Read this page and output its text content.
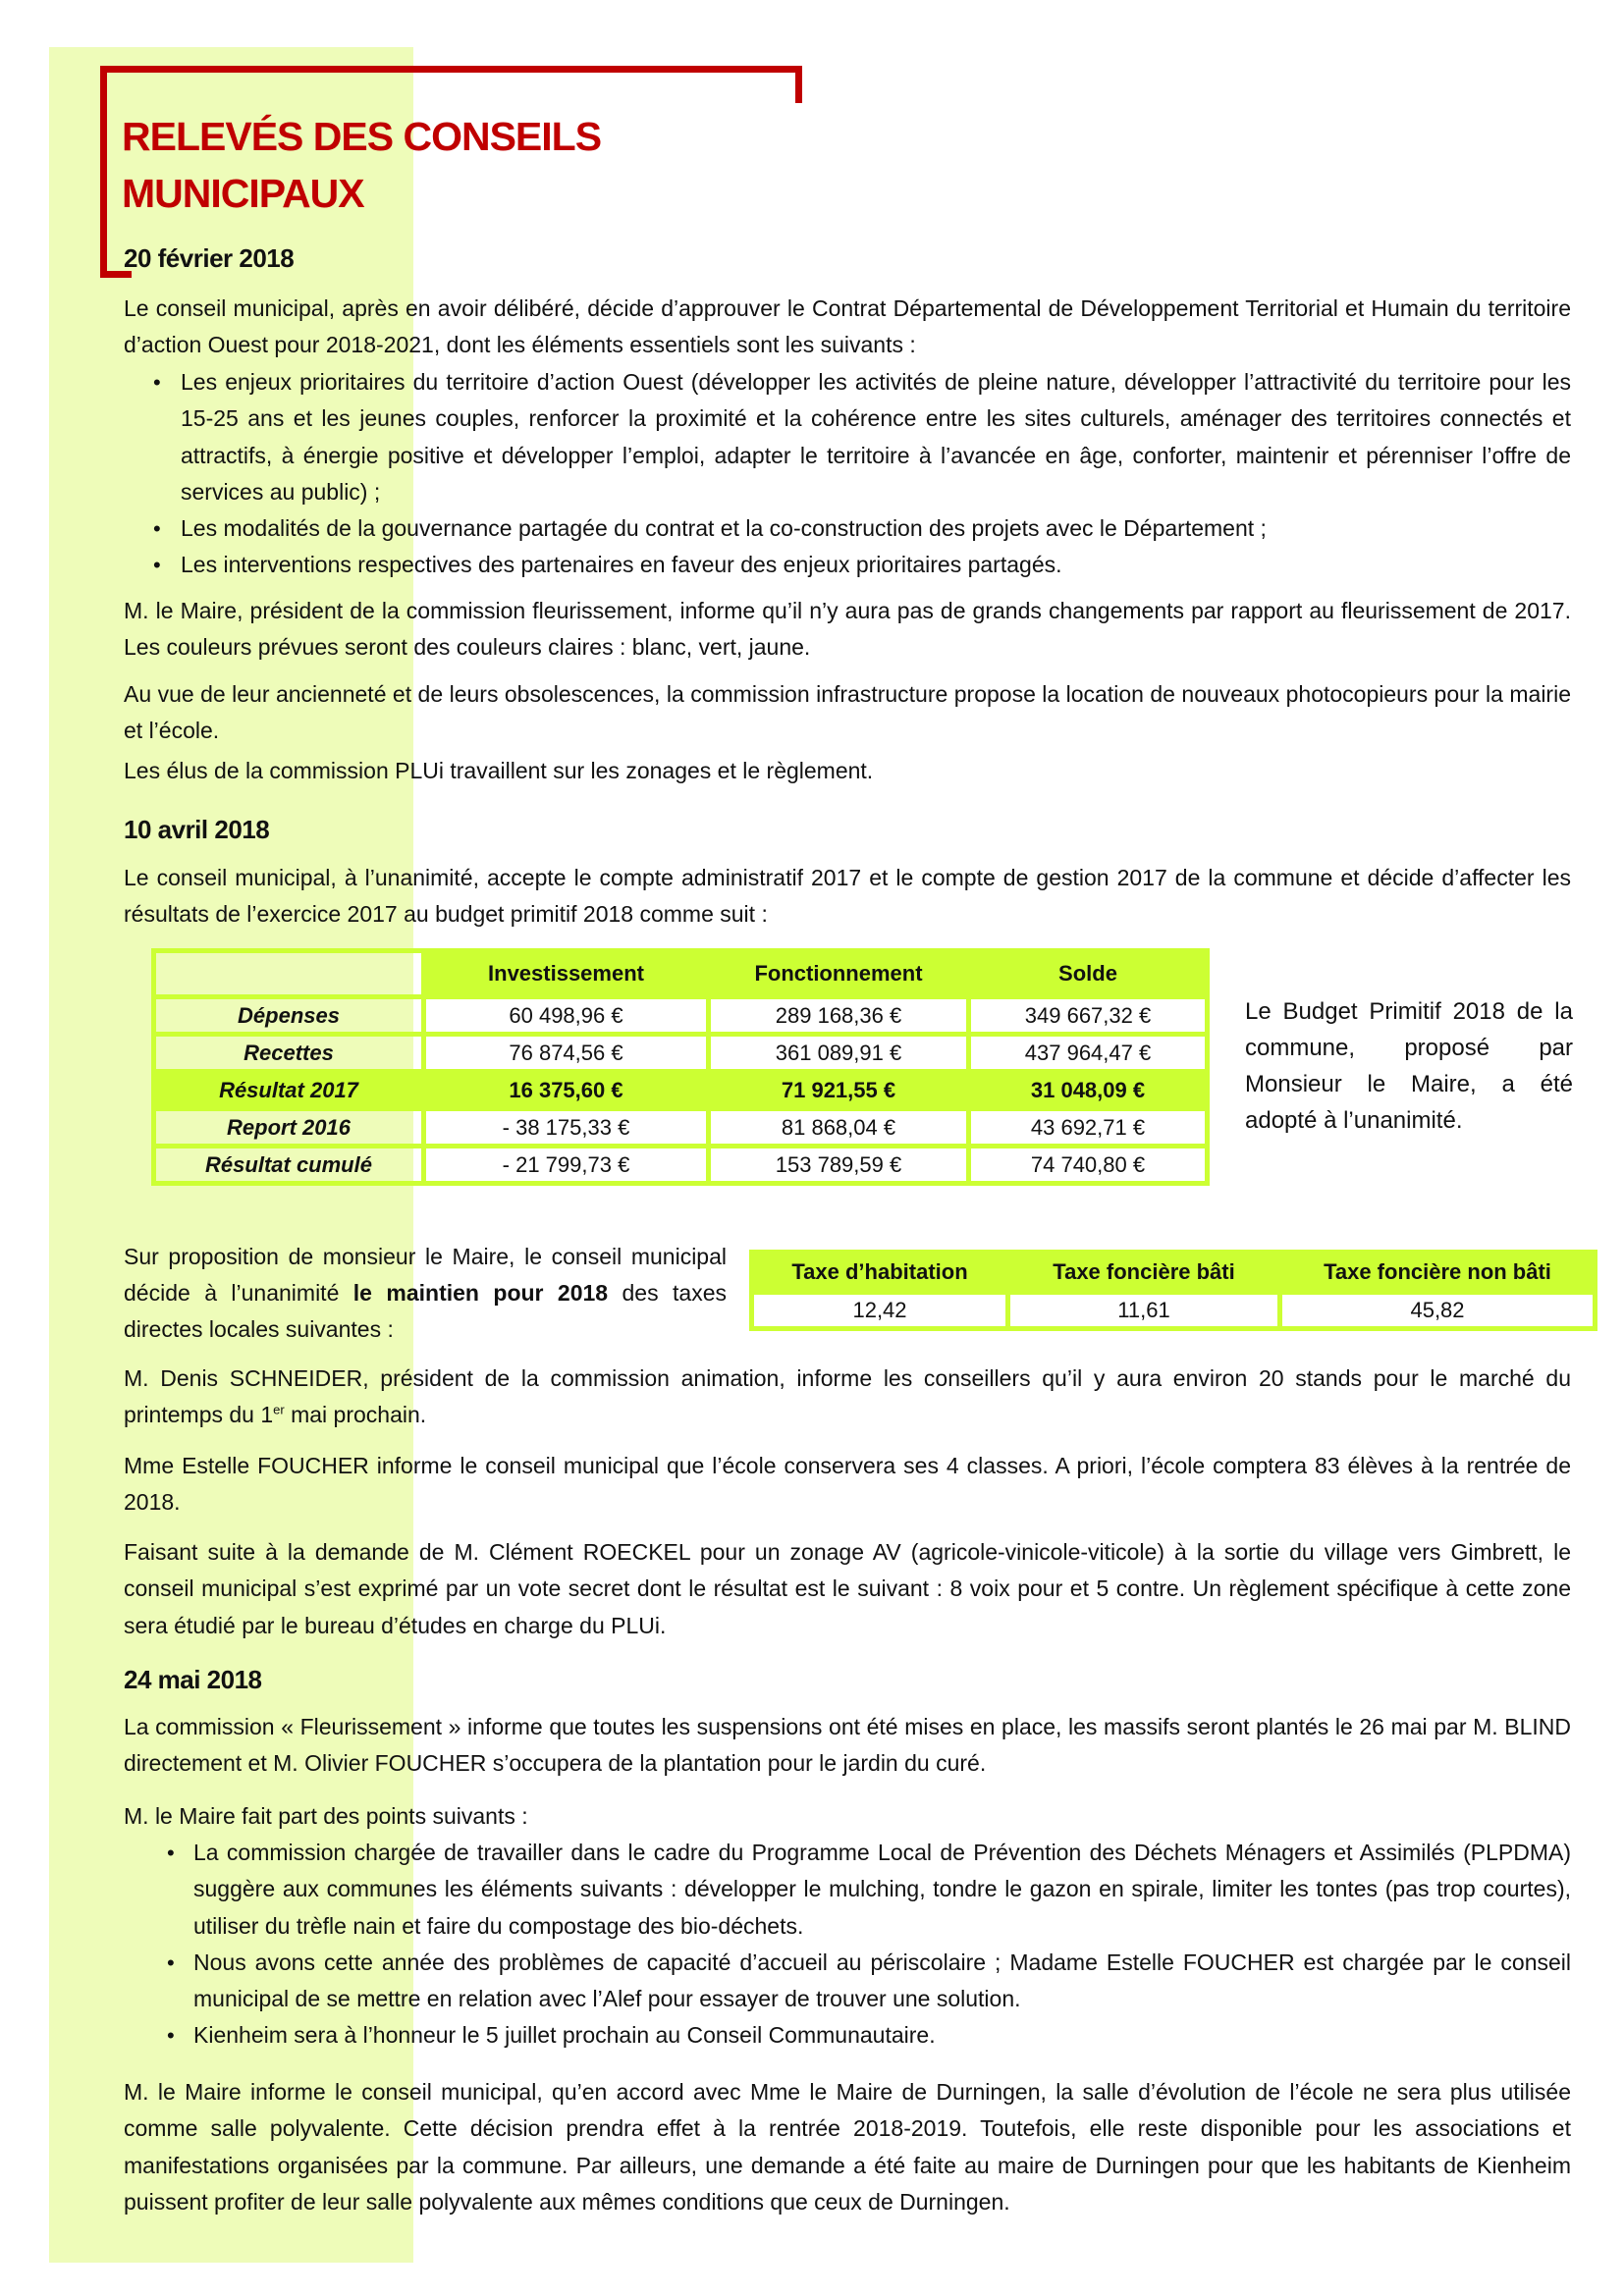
RELEVÉS DES CONSEILS
MUNICIPAUX
20 février 2018
Le conseil municipal, après en avoir délibéré, décide d’approuver le Contrat Départemental de Développement Territorial et Humain du territoire d’action Ouest pour 2018-2021, dont les éléments essentiels sont les suivants :
• Les enjeux prioritaires du territoire d’action Ouest (développer les activités de pleine nature, développer l’attractivité du territoire pour les 15-25 ans et les jeunes couples, renforcer la proximité et la cohérence entre les sites culturels, aménager des territoires connectés et attractifs, à énergie positive et développer l’emploi, adapter le territoire à l’avancée en âge, conforter, maintenir et pérenniser l’offre de services au public) ;
• Les modalités de la gouvernance partagée du contrat et la co-construction des projets avec le Département ;
• Les interventions respectives des partenaires en faveur des enjeux prioritaires partagés.
M. le Maire, président de la commission fleurissement, informe qu’il n’y aura pas de grands changements par rapport au fleurissement de 2017. Les couleurs prévues seront des couleurs claires : blanc, vert, jaune.
Au vue de leur ancienneté et de leurs obsolescences, la commission infrastructure propose la location de nouveaux photocopieurs pour la mairie et l’école.
Les élus de la commission PLUi travaillent sur les zonages et le règlement.
10 avril 2018
Le conseil municipal, à l’unanimité, accepte le compte administratif 2017 et le compte de gestion 2017 de la commune et décide d’affecter les résultats de l’exercice 2017 au budget primitif 2018 comme suit :
	Investissement	Fonctionnement	Solde
Dépenses	60 498,96 €	289 168,36 €	349 667,32 €
Recettes	76 874,56 €	361 089,91 €	437 964,47 €
Résultat 2017	16 375,60 €	71 921,55 €	31 048,09 €
Report 2016	- 38 175,33 €	81 868,04 €	43 692,71 €
Résultat cumulé	- 21 799,73 €	153 789,59 €	74 740,80 €
Le Budget Primitif 2018 de la commune, proposé par Monsieur le Maire, a été adopté à l’unanimité.
Sur proposition de monsieur le Maire, le conseil municipal décide à l’unanimité le maintien pour 2018 des taxes directes locales suivantes :
Taxe d’habitation	Taxe foncière bâti	Taxe foncière non bâti
12,42	11,61	45,82
M. Denis SCHNEIDER, président de la commission animation, informe les conseillers qu’il y aura environ 20 stands pour le marché du printemps du 1er mai prochain.
Mme Estelle FOUCHER informe le conseil municipal que l’école conservera ses 4 classes. A priori, l’école comptera 83 élèves à la rentrée de 2018.
Faisant suite à la demande de M. Clément ROECKEL pour un zonage AV (agricole-vinicole-viticole) à la sortie du village vers Gimbrett, le conseil municipal s’est exprimé par un vote secret dont le résultat est le suivant : 8 voix pour et 5 contre. Un règlement spécifique à cette zone sera étudié par le bureau d’études en charge du PLUi.
24 mai 2018
La commission « Fleurissement » informe que toutes les suspensions ont été mises en place, les massifs seront plantés le 26 mai par M. BLIND directement et M. Olivier FOUCHER s’occupera de la plantation pour le jardin du curé.
M. le Maire fait part des points suivants :
• La commission chargée de travailler dans le cadre du Programme Local de Prévention des Déchets Ménagers et Assimilés (PLPDMA) suggère aux communes les éléments suivants : développer le mulching, tondre le gazon en spirale, limiter les tontes (pas trop courtes), utiliser du trèfle nain et faire du compostage des bio-déchets.
• Nous avons cette année des problèmes de capacité d’accueil au périscolaire ; Madame Estelle FOUCHER est chargée par le conseil municipal de se mettre en relation avec l’Alef pour essayer de trouver une solution.
• Kienheim sera à l’honneur le 5 juillet prochain au Conseil Communautaire.
M. le Maire informe le conseil municipal, qu’en accord avec Mme le Maire de Durningen, la salle d’évolution de l’école ne sera plus utilisée comme salle polyvalente. Cette décision prendra effet à la rentrée 2018-2019. Toutefois, elle reste disponible pour les associations et manifestations organisées par la commune. Par ailleurs, une demande a été faite au maire de Durningen pour que les habitants de Kienheim puissent profiter de leur salle polyvalente aux mêmes conditions que ceux de Durningen.
